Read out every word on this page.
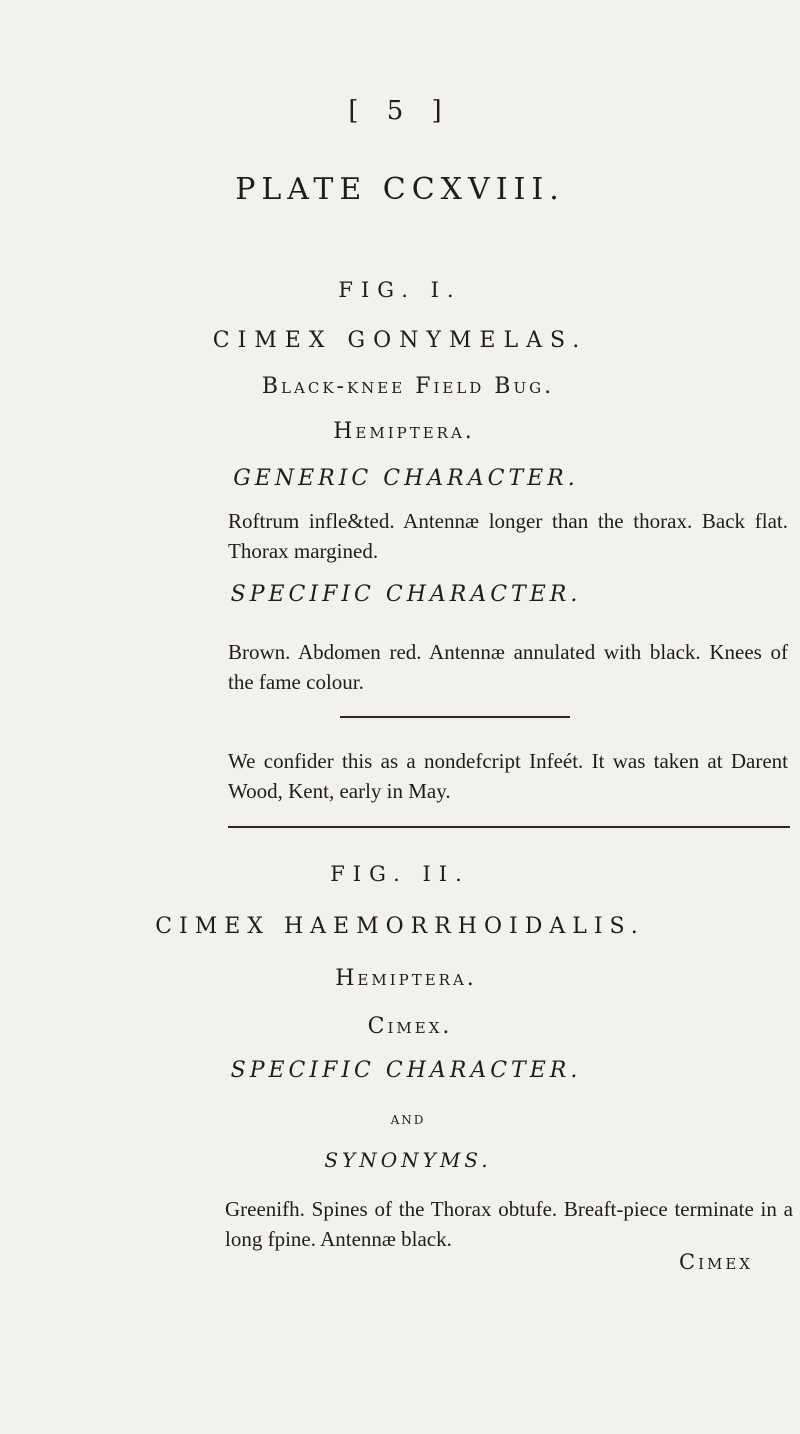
[ 5 ]
PLATE CCXVIII.
FIG. I.
CIMEX GONYMELAS.
Black-knee Field Bug.
Hemiptera.
GENERIC CHARACTER.
Roftrum infle&ted. Antennæ longer than the thorax. Back flat. Thorax margined.
SPECIFIC CHARACTER.
Brown. Abdomen red. Antennæ annulated with black. Knees of the fame colour.
We confider this as a nondefcript Infeét. It was taken at Darent Wood, Kent, early in May.
FIG. II.
CIMEX HAEMORRHOIDALIS.
Hemiptera.
Cimex.
SPECIFIC CHARACTER.
AND
SYNONYMS.
Greenifh. Spines of the Thorax obtufe. Breaft-piece terminate in a long fpine. Antennæ black.
Cimex
